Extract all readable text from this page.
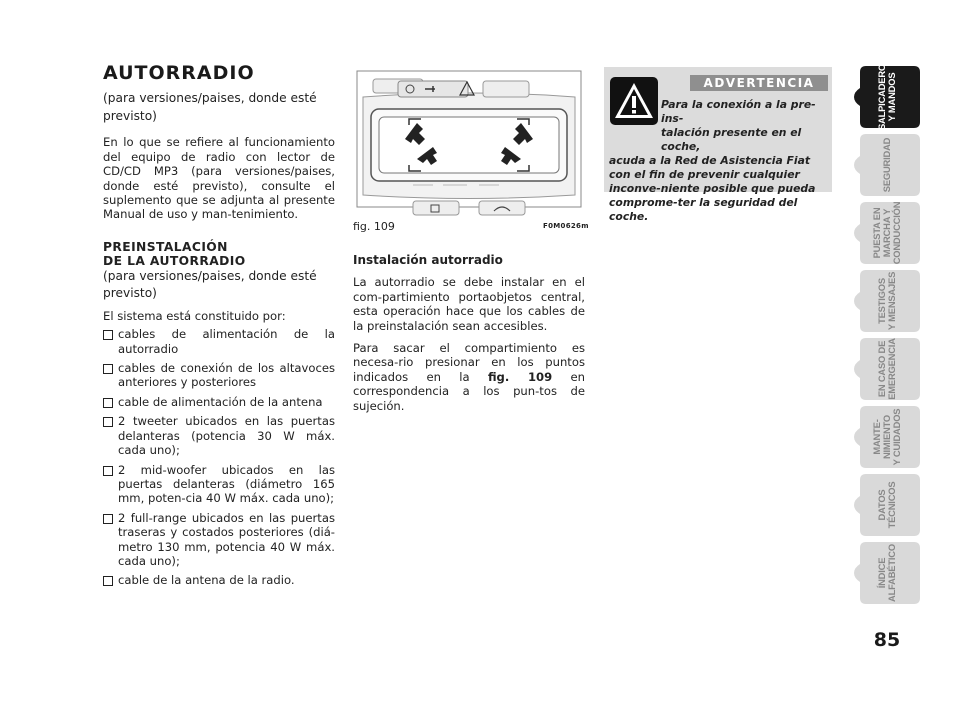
AUTORRADIO
(para versiones/paises, donde esté previsto)
En lo que se refiere al funcionamiento del equipo de radio con lector de CD/CD MP3 (para versiones/paises, donde esté previsto), consulte el suplemento que se adjunta al presente Manual de uso y man-tenimiento.
PREINSTALACIÓN
DE LA AUTORRADIO
(para versiones/paises, donde esté previsto)
El sistema está constituido por:
cables de alimentación de la autorradio
cables de conexión de los altavoces anteriores y posteriores
cable de alimentación de la antena
2 tweeter ubicados en las puertas delanteras (potencia 30 W máx. cada uno);
2 mid-woofer ubicados en las puertas delanteras (diámetro 165 mm, poten-cia 40 W máx. cada uno);
2 full-range ubicados en las puertas traseras y costados posteriores (diá-metro 130 mm, potencia 40 W máx. cada uno);
cable de la antena de la radio.
fig. 109	F0M0626m
Instalación autorradio
La autorradio se debe instalar en el com-partimiento portaobjetos central, esta operación hace que los cables de la preinstalación sean accesibles.
Para sacar el compartimiento es necesa-rio presionar en los puntos indicados en la fig. 109 en correspondencia a los pun-tos de sujeción.
ADVERTENCIA
Para la conexión a la pre-ins-
talación presente en el coche,
acuda a la Red de Asistencia Fiat con el fin de prevenir cualquier inconve-niente posible que pueda comprome-ter la seguridad del coche.
SALPICADERO
Y MANDOS
SEGURIDAD
PUESTA EN
MARCHA Y
CONDUCCIÓN
TESTIGOS
Y MENSAJES
EN CASO DE
EMERGENCIA
MANTE-
NIMIENTO
Y CUIDADOS
DATOS
TÉCNICOS
ÍNDICE
ALFABÉTICO
85
